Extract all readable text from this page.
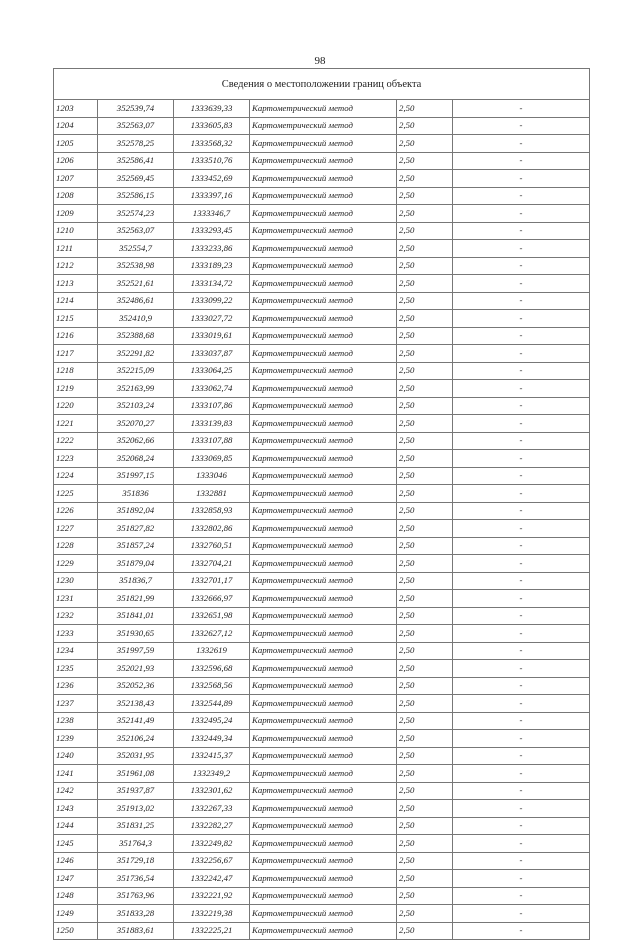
98
Сведения о местоположении границ объекта					
1203	352539,74	1333639,33	Картометрический метод	2,50	-
1204	352563,07	1333605,83	Картометрический метод	2,50	-
1205	352578,25	1333568,32	Картометрический метод	2,50	-
1206	352586,41	1333510,76	Картометрический метод	2,50	-
1207	352569,45	1333452,69	Картометрический метод	2,50	-
1208	352586,15	1333397,16	Картометрический метод	2,50	-
1209	352574,23	1333346,7	Картометрический метод	2,50	-
1210	352563,07	1333293,45	Картометрический метод	2,50	-
1211	352554,7	1333233,86	Картометрический метод	2,50	-
1212	352538,98	1333189,23	Картометрический метод	2,50	-
1213	352521,61	1333134,72	Картометрический метод	2,50	-
1214	352486,61	1333099,22	Картометрический метод	2,50	-
1215	352410,9	1333027,72	Картометрический метод	2,50	-
1216	352388,68	1333019,61	Картометрический метод	2,50	-
1217	352291,82	1333037,87	Картометрический метод	2,50	-
1218	352215,09	1333064,25	Картометрический метод	2,50	-
1219	352163,99	1333062,74	Картометрический метод	2,50	-
1220	352103,24	1333107,86	Картометрический метод	2,50	-
1221	352070,27	1333139,83	Картометрический метод	2,50	-
1222	352062,66	1333107,88	Картометрический метод	2,50	-
1223	352068,24	1333069,85	Картометрический метод	2,50	-
1224	351997,15	1333046	Картометрический метод	2,50	-
1225	351836	1332881	Картометрический метод	2,50	-
1226	351892,04	1332858,93	Картометрический метод	2,50	-
1227	351827,82	1332802,86	Картометрический метод	2,50	-
1228	351857,24	1332760,51	Картометрический метод	2,50	-
1229	351879,04	1332704,21	Картометрический метод	2,50	-
1230	351836,7	1332701,17	Картометрический метод	2,50	-
1231	351821,99	1332666,97	Картометрический метод	2,50	-
1232	351841,01	1332651,98	Картометрический метод	2,50	-
1233	351930,65	1332627,12	Картометрический метод	2,50	-
1234	351997,59	1332619	Картометрический метод	2,50	-
1235	352021,93	1332596,68	Картометрический метод	2,50	-
1236	352052,36	1332568,56	Картометрический метод	2,50	-
1237	352138,43	1332544,89	Картометрический метод	2,50	-
1238	352141,49	1332495,24	Картометрический метод	2,50	-
1239	352106,24	1332449,34	Картометрический метод	2,50	-
1240	352031,95	1332415,37	Картометрический метод	2,50	-
1241	351961,08	1332349,2	Картометрический метод	2,50	-
1242	351937,87	1332301,62	Картометрический метод	2,50	-
1243	351913,02	1332267,33	Картометрический метод	2,50	-
1244	351831,25	1332282,27	Картометрический метод	2,50	-
1245	351764,3	1332249,82	Картометрический метод	2,50	-
1246	351729,18	1332256,67	Картометрический метод	2,50	-
1247	351736,54	1332242,47	Картометрический метод	2,50	-
1248	351763,96	1332221,92	Картометрический метод	2,50	-
1249	351833,28	1332219,38	Картометрический метод	2,50	-
1250	351883,61	1332225,21	Картометрический метод	2,50	-
